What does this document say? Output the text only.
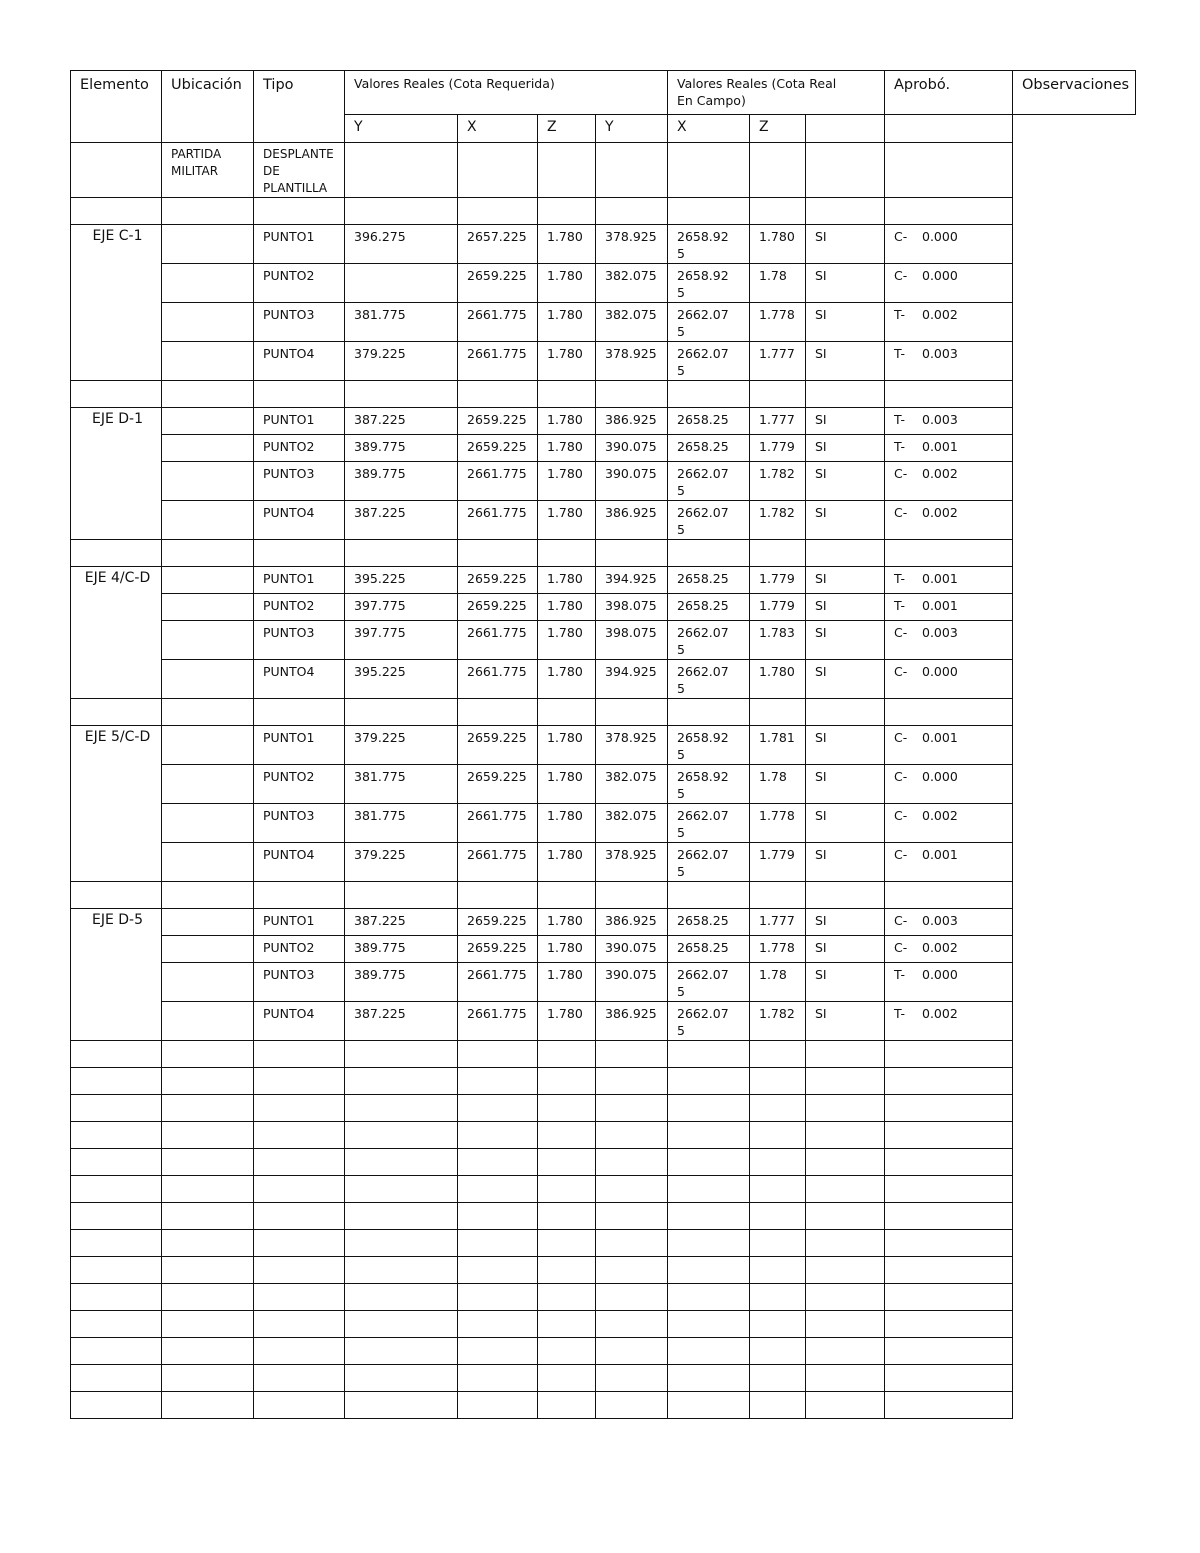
Elemento	Ubicación	Tipo	Valores Reales (Cota Requerida)				Valores Reales (Cota Real En Campo)			Aprobó.	Observaciones
			Y	X	Z	Y	X	Z			
	PARTIDA MILITAR	DESPLANTE DE PLANTILLA									

EJE C-1		PUNTO1	396.275	2657.225	1.780	378.925	2658.925	1.780	SI	C- 0.000	
		PUNTO2		2659.225	1.780	382.075	2658.925	1.78	SI	C- 0.000	
		PUNTO3	381.775	2661.775	1.780	382.075	2662.075	1.778	SI	T- 0.002	
		PUNTO4	379.225	2661.775	1.780	378.925	2662.075	1.777	SI	T- 0.003	

EJE D-1		PUNTO1	387.225	2659.225	1.780	386.925	2658.25	1.777	SI	T- 0.003	
		PUNTO2	389.775	2659.225	1.780	390.075	2658.25	1.779	SI	T- 0.001	
		PUNTO3	389.775	2661.775	1.780	390.075	2662.075	1.782	SI	C- 0.002	
		PUNTO4	387.225	2661.775	1.780	386.925	2662.075	1.782	SI	C- 0.002	

EJE 4/C-D		PUNTO1	395.225	2659.225	1.780	394.925	2658.25	1.779	SI	T- 0.001	
		PUNTO2	397.775	2659.225	1.780	398.075	2658.25	1.779	SI	T- 0.001	
		PUNTO3	397.775	2661.775	1.780	398.075	2662.075	1.783	SI	C- 0.003	
		PUNTO4	395.225	2661.775	1.780	394.925	2662.075	1.780	SI	C- 0.000	

EJE 5/C-D		PUNTO1	379.225	2659.225	1.780	378.925	2658.925	1.781	SI	C- 0.001	
		PUNTO2	381.775	2659.225	1.780	382.075	2658.925	1.78	SI	C- 0.000	
		PUNTO3	381.775	2661.775	1.780	382.075	2662.075	1.778	SI	C- 0.002	
		PUNTO4	379.225	2661.775	1.780	378.925	2662.075	1.779	SI	C- 0.001	

EJE D-5		PUNTO1	387.225	2659.225	1.780	386.925	2658.25	1.777	SI	C- 0.003	
		PUNTO2	389.775	2659.225	1.780	390.075	2658.25	1.778	SI	C- 0.002	
		PUNTO3	389.775	2661.775	1.780	390.075	2662.075	1.78	SI	T- 0.000	
		PUNTO4	387.225	2661.775	1.780	386.925	2662.075	1.782	SI	T- 0.002	
